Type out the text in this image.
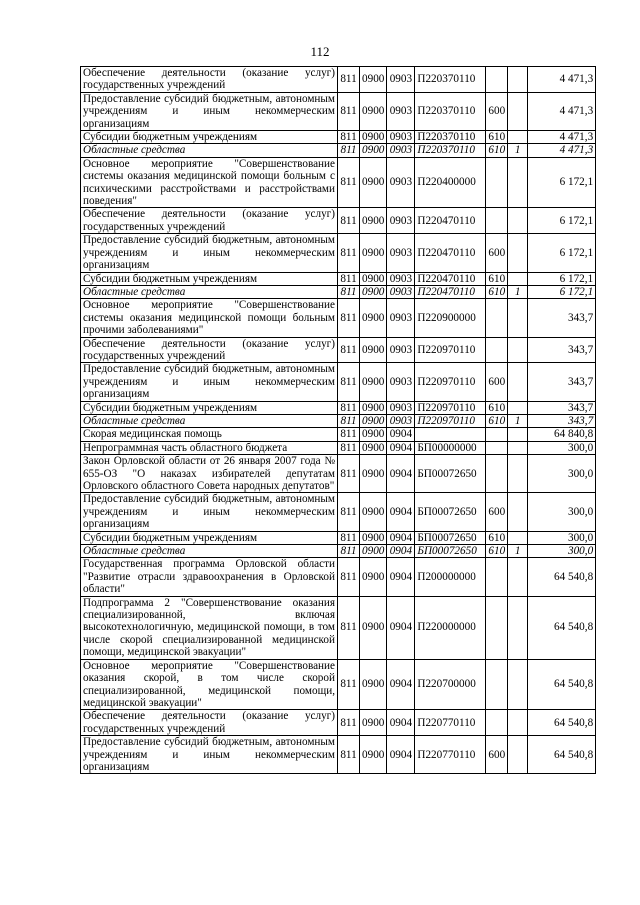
112
Обеспечение деятельности (оказание услуг) государственных учреждений	811	0900	0903	П220370110			4 471,3
Предоставление субсидий бюджетным, автономным учреждениям и иным некоммерческим организациям	811	0900	0903	П220370110	600		4 471,3
Субсидии бюджетным учреждениям	811	0900	0903	П220370110	610		4 471,3
Областные средства	811	0900	0903	П220370110	610	1	4 471,3
Основное мероприятие "Совершенствование системы оказания медицинской помощи больным с психическими расстройствами и расстройствами поведения"	811	0900	0903	П220400000			6 172,1
Обеспечение деятельности (оказание услуг) государственных учреждений	811	0900	0903	П220470110			6 172,1
Предоставление субсидий бюджетным, автономным учреждениям и иным некоммерческим организациям	811	0900	0903	П220470110	600		6 172,1
Субсидии бюджетным учреждениям	811	0900	0903	П220470110	610		6 172,1
Областные средства	811	0900	0903	П220470110	610	1	6 172,1
Основное мероприятие "Совершенствование системы оказания медицинской помощи больным прочими заболеваниями"	811	0900	0903	П220900000			343,7
Обеспечение деятельности (оказание услуг) государственных учреждений	811	0900	0903	П220970110			343,7
Предоставление субсидий бюджетным, автономным учреждениям и иным некоммерческим организациям	811	0900	0903	П220970110	600		343,7
Субсидии бюджетным учреждениям	811	0900	0903	П220970110	610		343,7
Областные средства	811	0900	0903	П220970110	610	1	343,7
Скорая медицинская помощь	811	0900	0904				64 840,8
Непрограммная часть областного бюджета	811	0900	0904	БП00000000			300,0
Закон Орловской области от 26 января 2007 года № 655-ОЗ "О наказах избирателей депутатам Орловского областного Совета народных депутатов"	811	0900	0904	БП00072650			300,0
Предоставление субсидий бюджетным, автономным учреждениям и иным некоммерческим организациям	811	0900	0904	БП00072650	600		300,0
Субсидии бюджетным учреждениям	811	0900	0904	БП00072650	610		300,0
Областные средства	811	0900	0904	БП00072650	610	1	300,0
Государственная программа Орловской области "Развитие отрасли здравоохранения в Орловской области"	811	0900	0904	П200000000			64 540,8
Подпрограмма 2 "Совершенствование оказания специализированной, включая высокотехнологичную, медицинской помощи, в том числе скорой специализированной медицинской помощи, медицинской эвакуации"	811	0900	0904	П220000000			64 540,8
Основное мероприятие "Совершенствование оказания скорой, в том числе скорой специализированной, медицинской помощи, медицинской эвакуации"	811	0900	0904	П220700000			64 540,8
Обеспечение деятельности (оказание услуг) государственных учреждений	811	0900	0904	П220770110			64 540,8
Предоставление субсидий бюджетным, автономным учреждениям и иным некоммерческим организациям	811	0900	0904	П220770110	600		64 540,8
